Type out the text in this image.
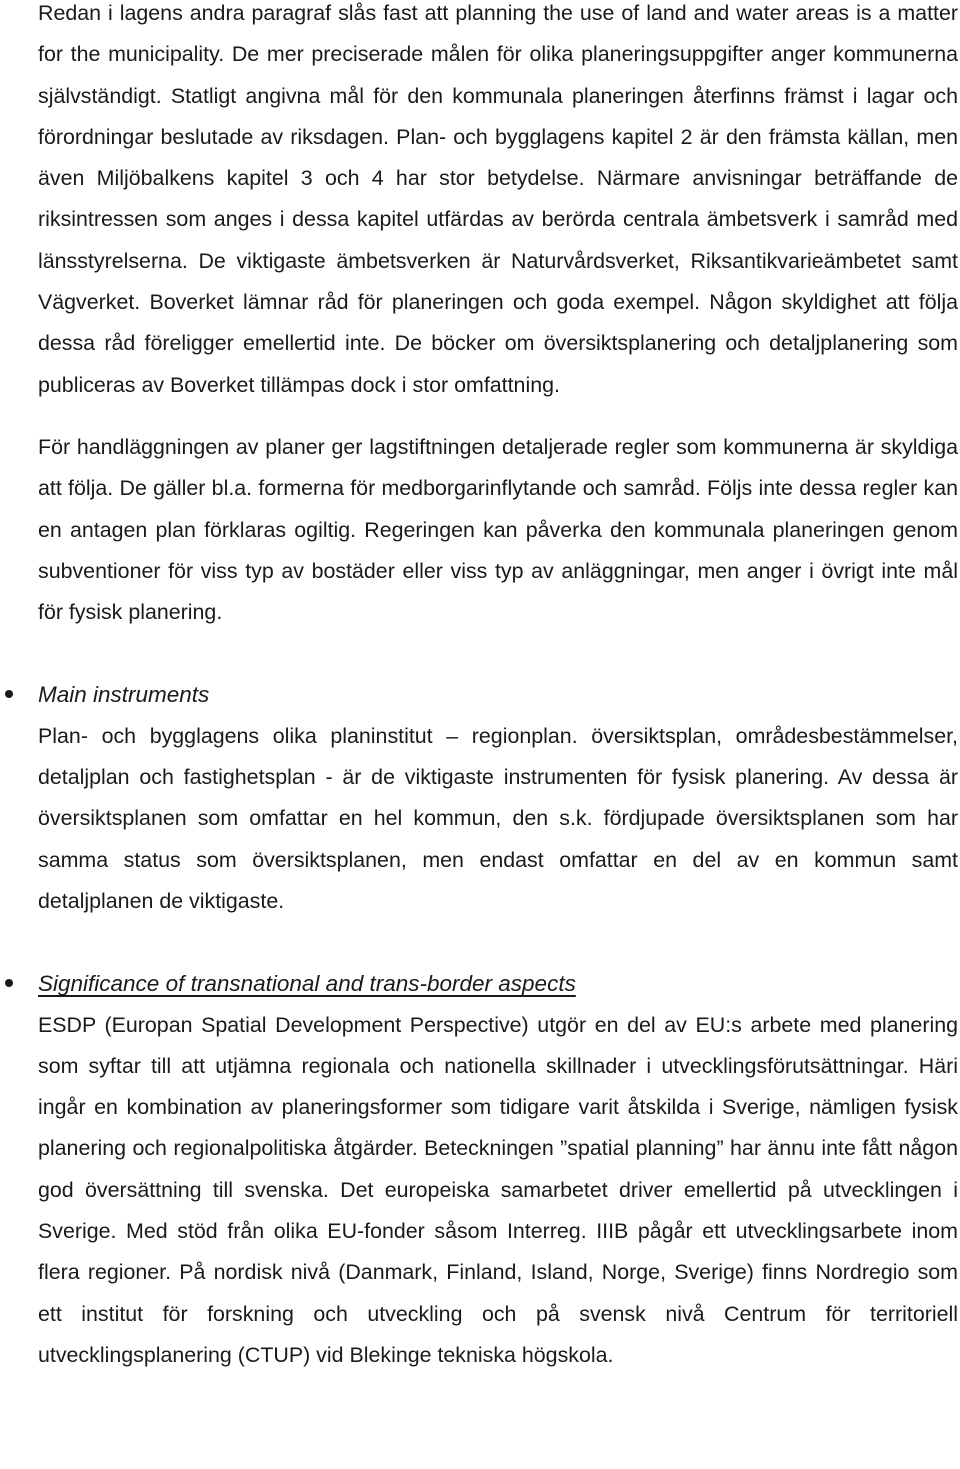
Redan i lagens andra paragraf slås fast att planning the use of land and water areas is a matter for the municipality. De mer preciserade målen för olika planeringsuppgifter anger kommunerna självständigt. Statligt angivna mål för den kommunala planeringen återfinns främst i lagar och förordningar beslutade av riksdagen. Plan- och bygglagens kapitel 2 är den främsta källan, men även Miljöbalkens kapitel 3 och 4 har stor betydelse. Närmare anvisningar beträffande de riksintressen som anges i dessa kapitel utfärdas av berörda centrala ämbetsverk i samråd med länsstyrelserna. De viktigaste ämbetsverken är Naturvårdsverket, Riksantikvarieämbetet samt Vägverket. Boverket lämnar råd för planeringen och goda exempel. Någon skyldighet att följa dessa råd föreligger emellertid inte. De böcker om översiktsplanering och detaljplanering som publiceras av Boverket tillämpas dock i stor omfattning.

För handläggningen av planer ger lagstiftningen detaljerade regler som kommunerna är skyldiga att följa. De gäller bl.a. formerna för medborgarinflytande och samråd. Följs inte dessa regler kan en antagen plan förklaras ogiltig. Regeringen kan påverka den kommunala planeringen genom subventioner för viss typ av bostäder eller viss typ av anläggningar, men anger i övrigt inte mål för fysisk planering.

Main instruments

Plan- och bygglagens olika planinstitut – regionplan. översiktsplan, områdesbestämmelser, detaljplan och fastighetsplan - är de viktigaste instrumenten för fysisk planering. Av dessa är översiktsplanen som omfattar en hel kommun, den s.k. fördjupade översiktsplanen som har samma status som översiktsplanen, men endast omfattar en del av en kommun samt detaljplanen de viktigaste.

Significance of transnational and trans-border aspects

ESDP (Europan Spatial Development Perspective) utgör en del av EU:s arbete med planering som syftar till att utjämna regionala och nationella skillnader i utvecklingsförutsättningar. Häri ingår en kombination av planeringsformer som tidigare varit åtskilda i Sverige, nämligen fysisk planering och regionalpolitiska åtgärder. Beteckningen ”spatial planning” har ännu inte fått någon god översättning till svenska. Det europeiska samarbetet driver emellertid på utvecklingen i Sverige. Med stöd från olika EU-fonder såsom Interreg. IIIB pågår ett utvecklingsarbete inom flera regioner. På nordisk nivå (Danmark, Finland, Island, Norge, Sverige) finns Nordregio som ett institut för forskning och utveckling och på svensk nivå Centrum för territoriell utvecklingsplanering (CTUP) vid Blekinge tekniska högskola.
